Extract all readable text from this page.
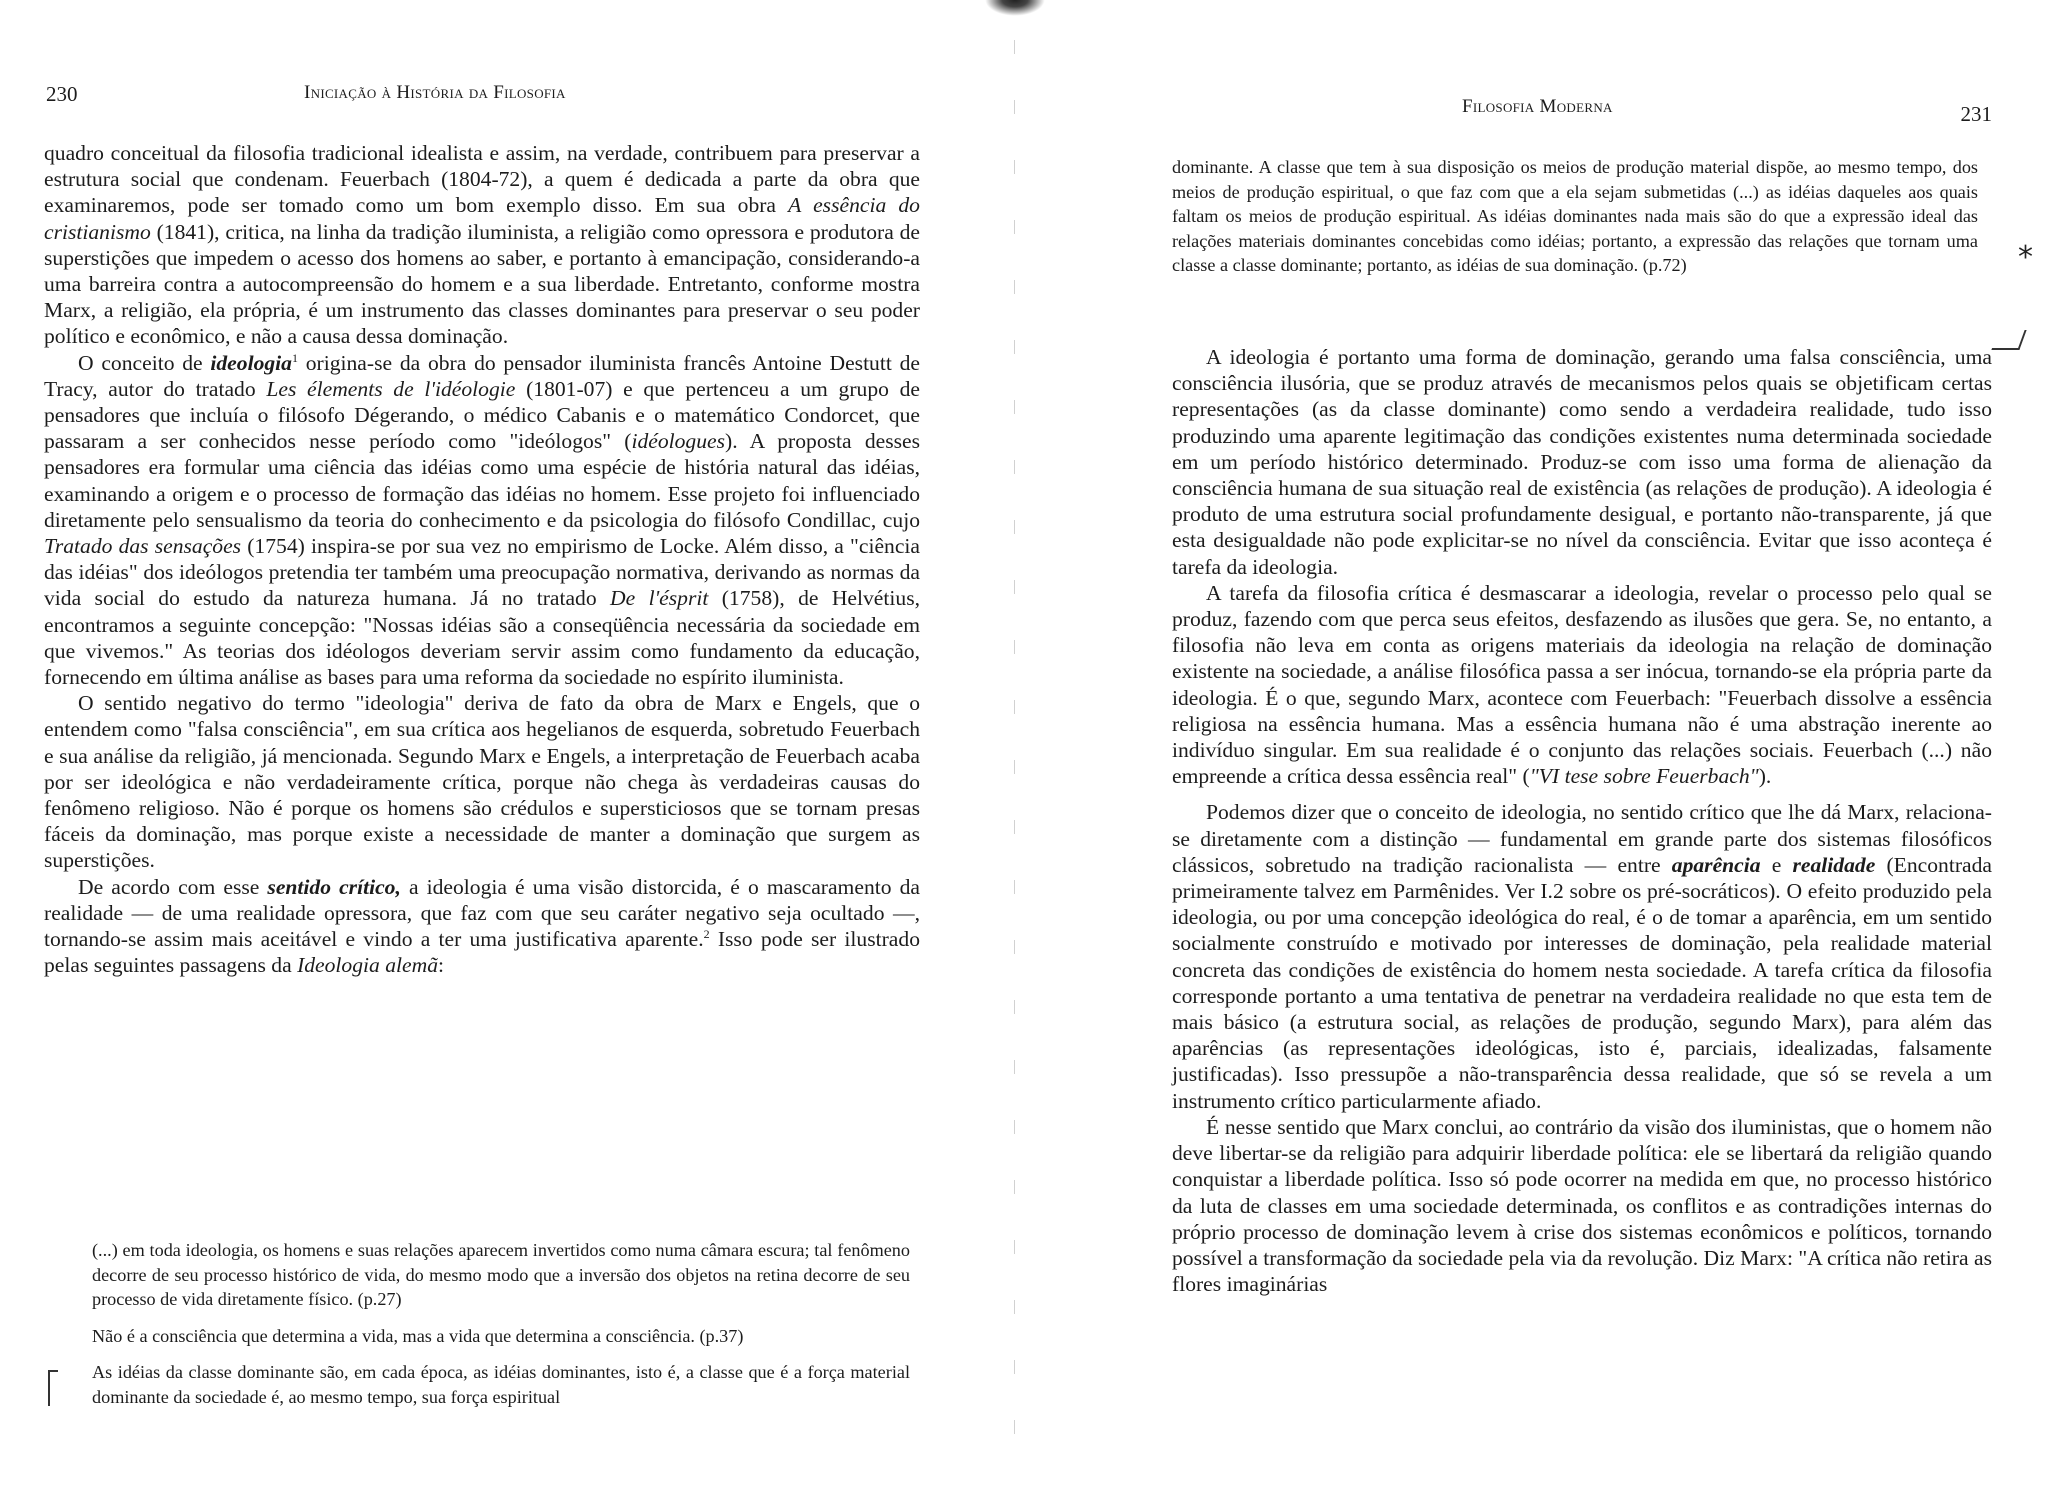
230	Iniciação à História da Filosofia

quadro conceitual da filosofia tradicional idealista e assim, na verdade, contribuem para preservar a estrutura social que condenam. Feuerbach (1804-72), a quem é dedicada a parte da obra que examinaremos, pode ser tomado como um bom exemplo disso. Em sua obra A essência do cristianismo (1841), critica, na linha da tradição iluminista, a religião como opressora e produtora de superstições que impedem o acesso dos homens ao saber, e portanto à emancipação, considerando-a uma barreira contra a autocompreensão do homem e a sua liberdade. Entretanto, conforme mostra Marx, a religião, ela própria, é um instrumento das classes dominantes para preservar o seu poder político e econômico, e não a causa dessa dominação.

O conceito de ideologia$^1$ origina-se da obra do pensador iluminista francês Antoine Destutt de Tracy, autor do tratado Les élements de l'idéologie (1801-07) e que pertenceu a um grupo de pensadores que incluía o filósofo Dégerando, o médico Cabanis e o matemático Condorcet, que passaram a ser conhecidos nesse período como "ideólogos" (idéologues). A proposta desses pensadores era formular uma ciência das idéias como uma espécie de história natural das idéias, examinando a origem e o processo de formação das idéias no homem. Esse projeto foi influenciado diretamente pelo sensualismo da teoria do conhecimento e da psicologia do filósofo Condillac, cujo Tratado das sensações (1754) inspira-se por sua vez no empirismo de Locke. Além disso, a "ciência das idéias" dos ideólogos pretendia ter também uma preocupação normativa, derivando as normas da vida social do estudo da natureza humana. Já no tratado De l'ésprit (1758), de Helvétius, encontramos a seguinte concepção: "Nossas idéias são a conseqüência necessária da sociedade em que vivemos." As teorias dos idéologos deveriam servir assim como fundamento da educação, fornecendo em última análise as bases para uma reforma da sociedade no espírito iluminista.

O sentido negativo do termo "ideologia" deriva de fato da obra de Marx e Engels, que o entendem como "falsa consciência", em sua crítica aos hegelianos de esquerda, sobretudo Feuerbach e sua análise da religião, já mencionada. Segundo Marx e Engels, a interpretação de Feuerbach acaba por ser ideológica e não verdadeiramente crítica, porque não chega às verdadeiras causas do fenômeno religioso. Não é porque os homens são crédulos e supersticiosos que se tornam presas fáceis da dominação, mas porque existe a necessidade de manter a dominação que surgem as superstições.

De acordo com esse sentido crítico, a ideologia é uma visão distorcida, é o mascaramento da realidade — de uma realidade opressora, que faz com que seu caráter negativo seja ocultado —, tornando-se assim mais aceitável e vindo a ter uma justificativa aparente.$^2$ Isso pode ser ilustrado pelas seguintes passagens da Ideologia alemã:

(...) em toda ideologia, os homens e suas relações aparecem invertidos como numa câmara escura; tal fenômeno decorre de seu processo histórico de vida, do mesmo modo que a inversão dos objetos na retina decorre de seu processo de vida diretamente físico. (p.27)

Não é a consciência que determina a vida, mas a vida que determina a consciência. (p.37)

As idéias da classe dominante são, em cada época, as idéias dominantes, isto é, a classe que é a força material dominante da sociedade é, ao mesmo tempo, sua força espiritual

Filosofia Moderna	231

dominante. A classe que tem à sua disposição os meios de produção material dispõe, ao mesmo tempo, dos meios de produção espiritual, o que faz com que a ela sejam submetidas (...) as idéias daqueles aos quais faltam os meios de produção espiritual. As idéias dominantes nada mais são do que a expressão ideal das relações materiais dominantes concebidas como idéias; portanto, a expressão das relações que tornam uma classe a classe dominante; portanto, as idéias de sua dominação. (p.72)

A ideologia é portanto uma forma de dominação, gerando uma falsa consciência, uma consciência ilusória, que se produz através de mecanismos pelos quais se objetificam certas representações (as da classe dominante) como sendo a verdadeira realidade, tudo isso produzindo uma aparente legitimação das condições existentes numa determinada sociedade em um período histórico determinado. Produz-se com isso uma forma de alienação da consciência humana de sua situação real de existência (as relações de produção). A ideologia é produto de uma estrutura social profundamente desigual, e portanto não-transparente, já que esta desigualdade não pode explicitar-se no nível da consciência. Evitar que isso aconteça é tarefa da ideologia.

A tarefa da filosofia crítica é desmascarar a ideologia, revelar o processo pelo qual se produz, fazendo com que perca seus efeitos, desfazendo as ilusões que gera. Se, no entanto, a filosofia não leva em conta as origens materiais da ideologia na relação de dominação existente na sociedade, a análise filosófica passa a ser inócua, tornando-se ela própria parte da ideologia. É o que, segundo Marx, acontece com Feuerbach: "Feuerbach dissolve a essência religiosa na essência humana. Mas a essência humana não é uma abstração inerente ao indivíduo singular. Em sua realidade é o conjunto das relações sociais. Feuerbach (...) não empreende a crítica dessa essência real" ("VI tese sobre Feuerbach").

Podemos dizer que o conceito de ideologia, no sentido crítico que lhe dá Marx, relaciona-se diretamente com a distinção — fundamental em grande parte dos sistemas filosóficos clássicos, sobretudo na tradição racionalista — entre aparência e realidade (Encontrada primeiramente talvez em Parmênides. Ver I.2 sobre os pré-socráticos). O efeito produzido pela ideologia, ou por uma concepção ideológica do real, é o de tomar a aparência, em um sentido socialmente construído e motivado por interesses de dominação, pela realidade material concreta das condições de existência do homem nesta sociedade. A tarefa crítica da filosofia corresponde portanto a uma tentativa de penetrar na verdadeira realidade no que esta tem de mais básico (a estrutura social, as relações de produção, segundo Marx), para além das aparências (as representações ideológicas, isto é, parciais, idealizadas, falsamente justificadas). Isso pressupõe a não-transparência dessa realidade, que só se revela a um instrumento crítico particularmente afiado.

É nesse sentido que Marx conclui, ao contrário da visão dos iluministas, que o homem não deve libertar-se da religião para adquirir liberdade política: ele se libertará da religião quando conquistar a liberdade política. Isso só pode ocorrer na medida em que, no processo histórico da luta de classes em uma sociedade determinada, os conflitos e as contradições internas do próprio processo de dominação levem à crise dos sistemas econômicos e políticos, tornando possível a transformação da sociedade pela via da revolução. Diz Marx: "A crítica não retira as flores imaginárias

*
